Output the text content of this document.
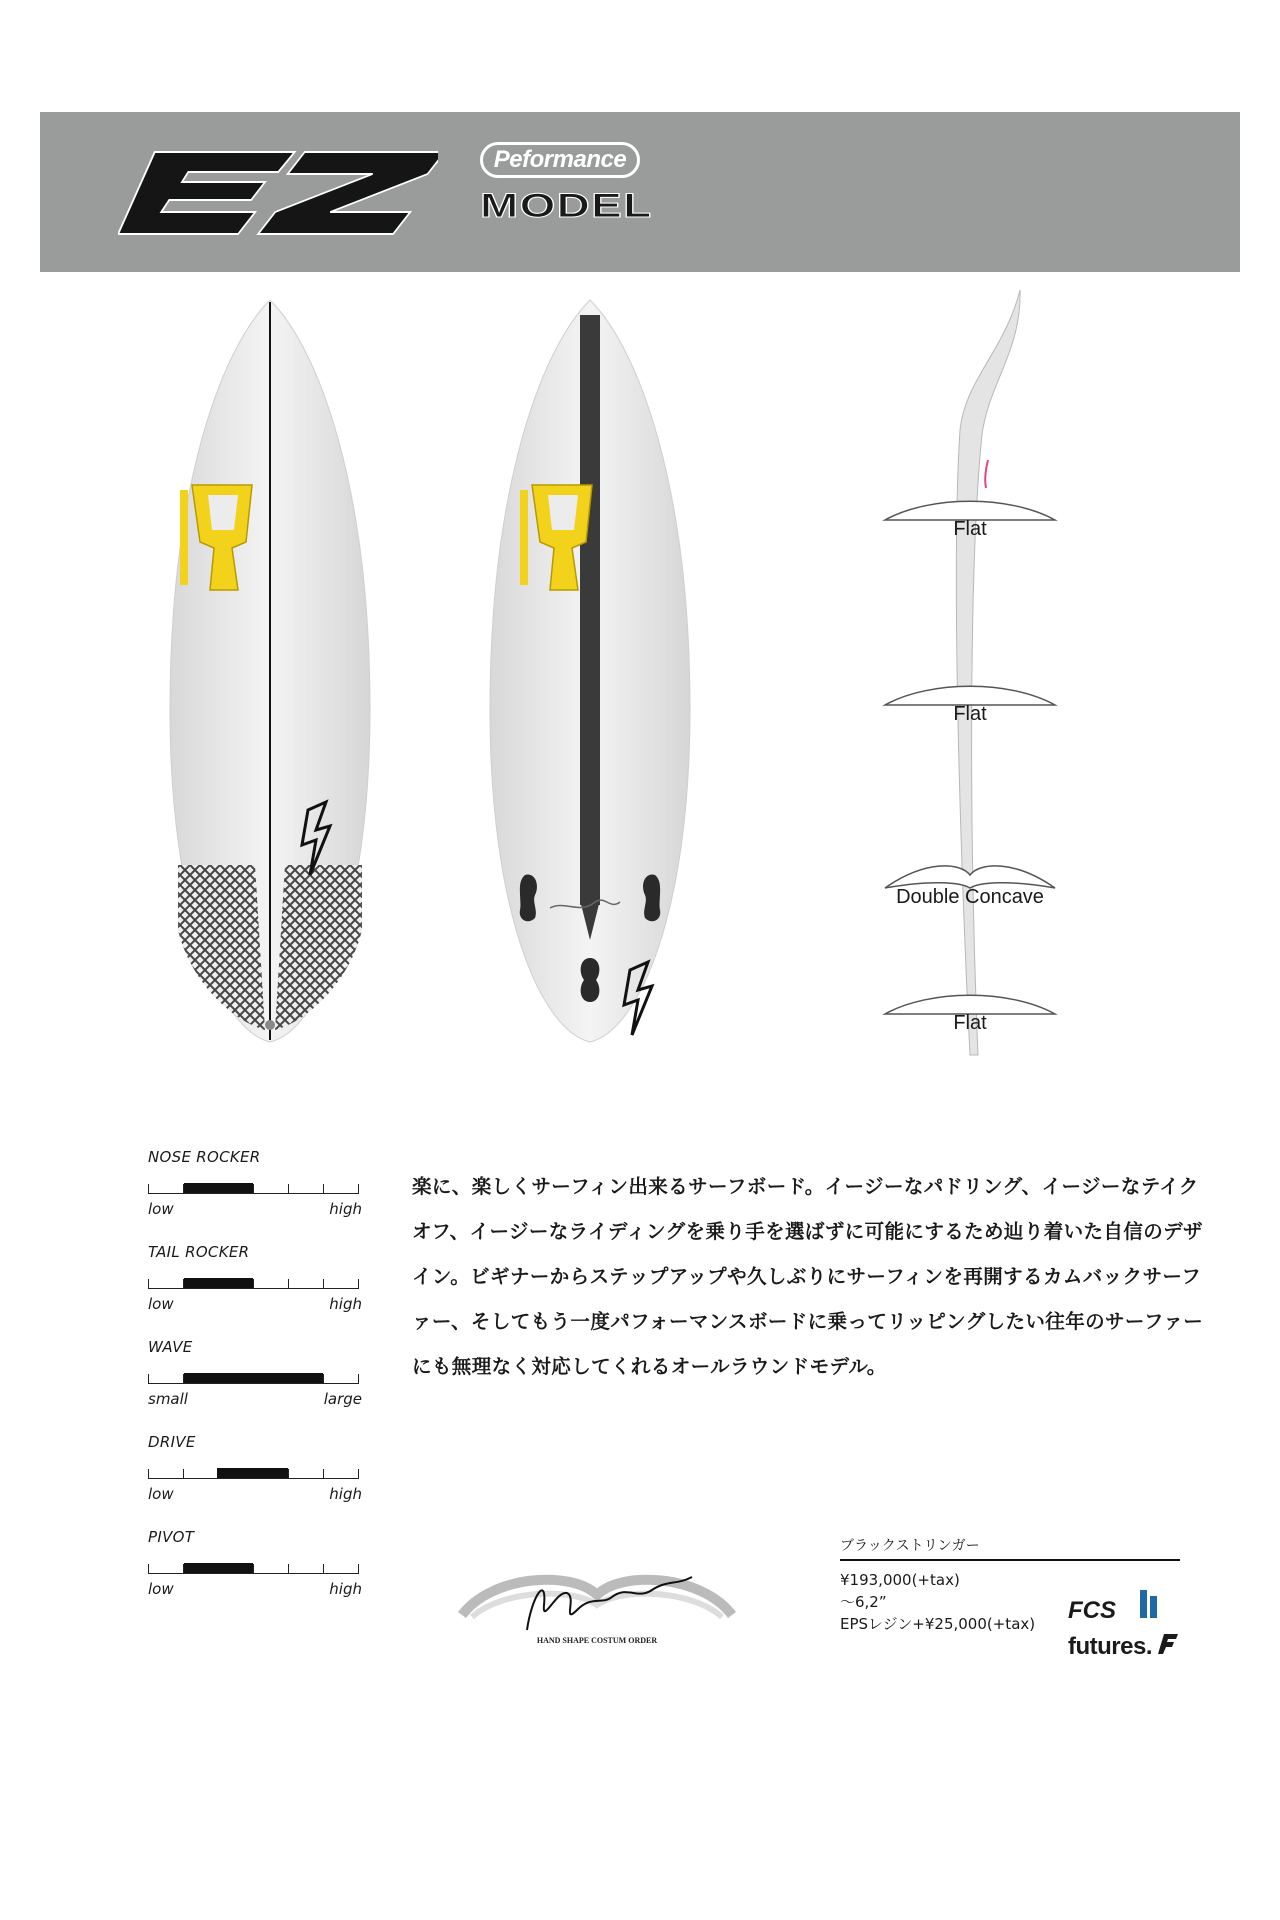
EZ
Peformance
MODEL
Flat
Flat
Double Concave
Flat
NOSE ROCKER
low	high
TAIL ROCKER
low	high
WAVE
small	large
DRIVE
low	high
PIVOT
low	high
楽に、楽しくサーフィン出来るサーフボード。イージーなパドリング、イージーなテイクオフ、イージーなライディングを乗り手を選ばずに可能にするため辿り着いた自信のデザイン。ビギナーからステップアップや久しぶりにサーフィンを再開するカムバックサーファー、そしてもう一度パフォーマンスボードに乗ってリッピングしたい往年のサーファーにも無理なく対応してくれるオールラウンドモデル。
HAND SHAPE COSTUM ORDER
ブラックストリンガー
¥193,000(+tax)
～6,2”
EPSレジン+¥25,000(+tax)	FCS
futures.
